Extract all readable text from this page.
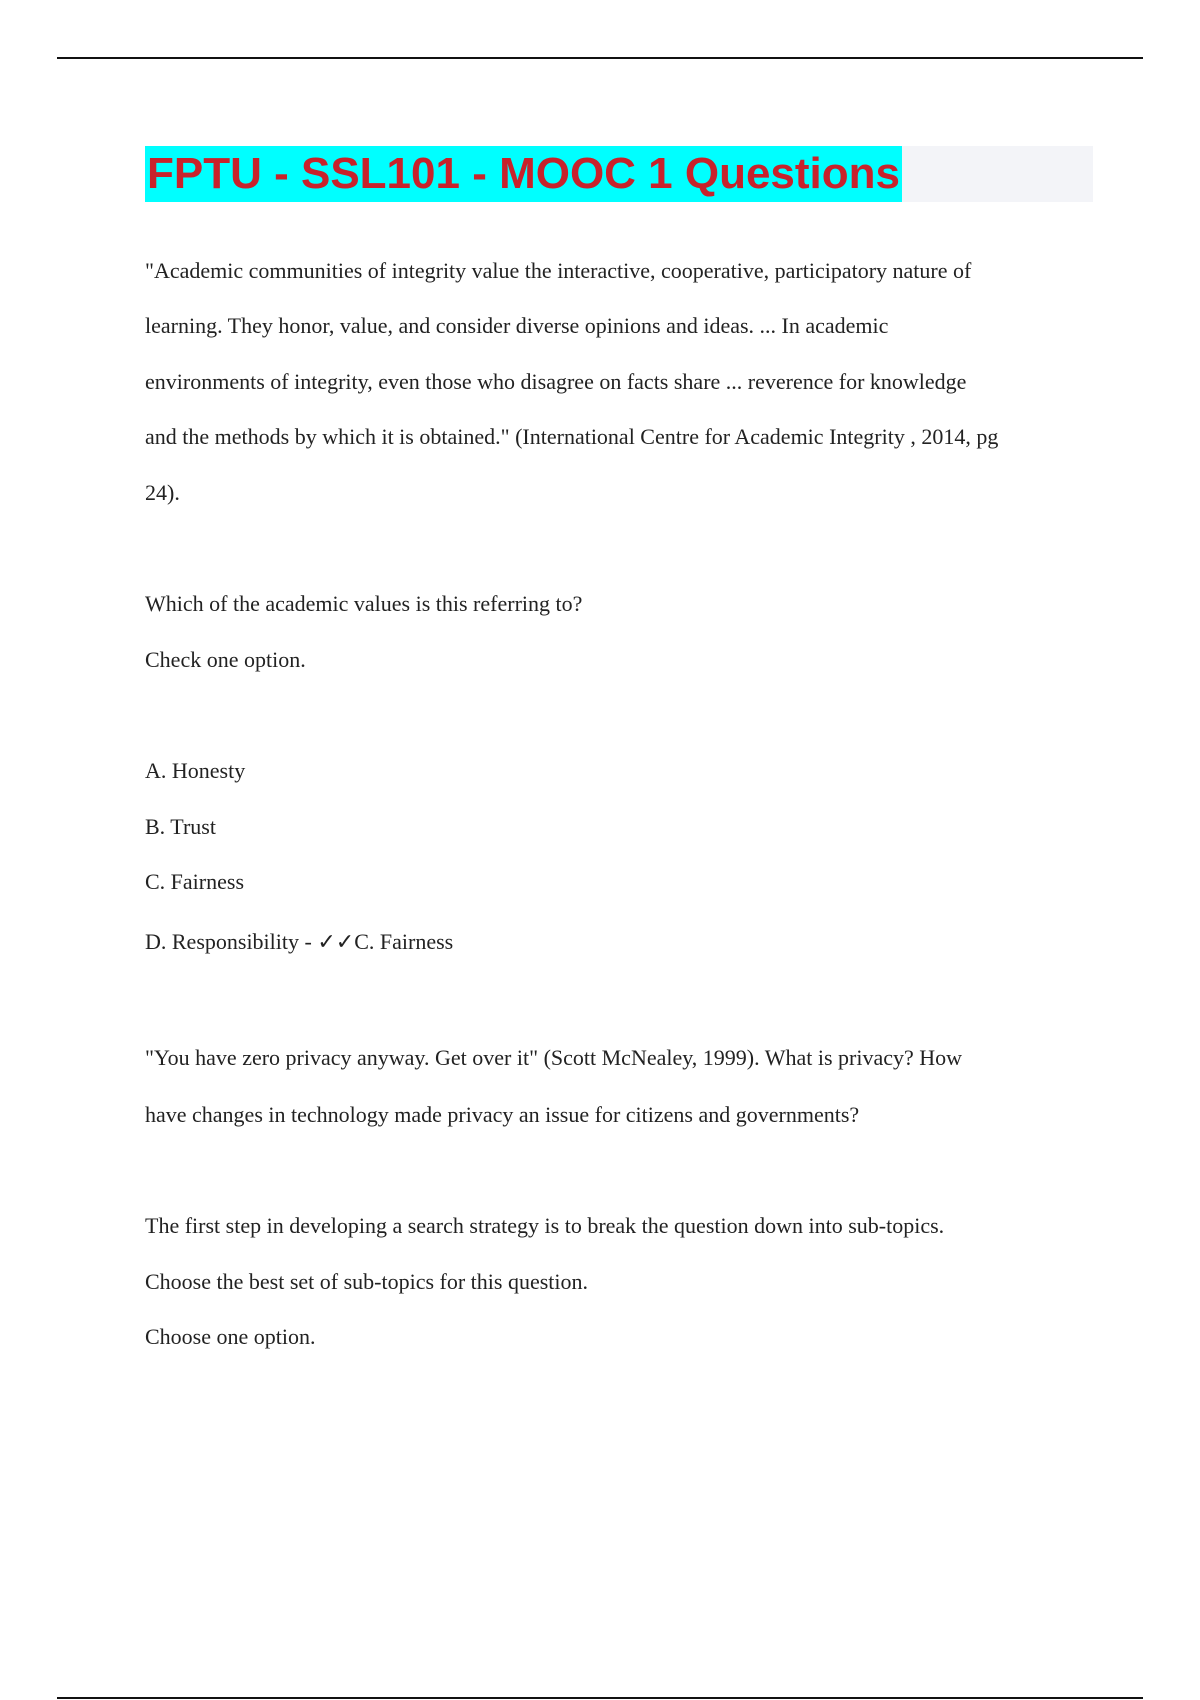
FPTU - SSL101 - MOOC 1 Questions
"Academic communities of integrity value the interactive, cooperative, participatory nature of
learning. They honor, value, and consider diverse opinions and ideas. ... In academic
environments of integrity, even those who disagree on facts share ... reverence for knowledge
and the methods by which it is obtained." (International Centre for Academic Integrity , 2014, pg
24).
Which of the academic values is this referring to?
Check one option.
A. Honesty
B. Trust
C. Fairness
D. Responsibility - ✓✓C. Fairness
"You have zero privacy anyway. Get over it" (Scott McNealey, 1999). What is privacy? How
have changes in technology made privacy an issue for citizens and governments?
The first step in developing a search strategy is to break the question down into sub-topics.
Choose the best set of sub-topics for this question.
Choose one option.
